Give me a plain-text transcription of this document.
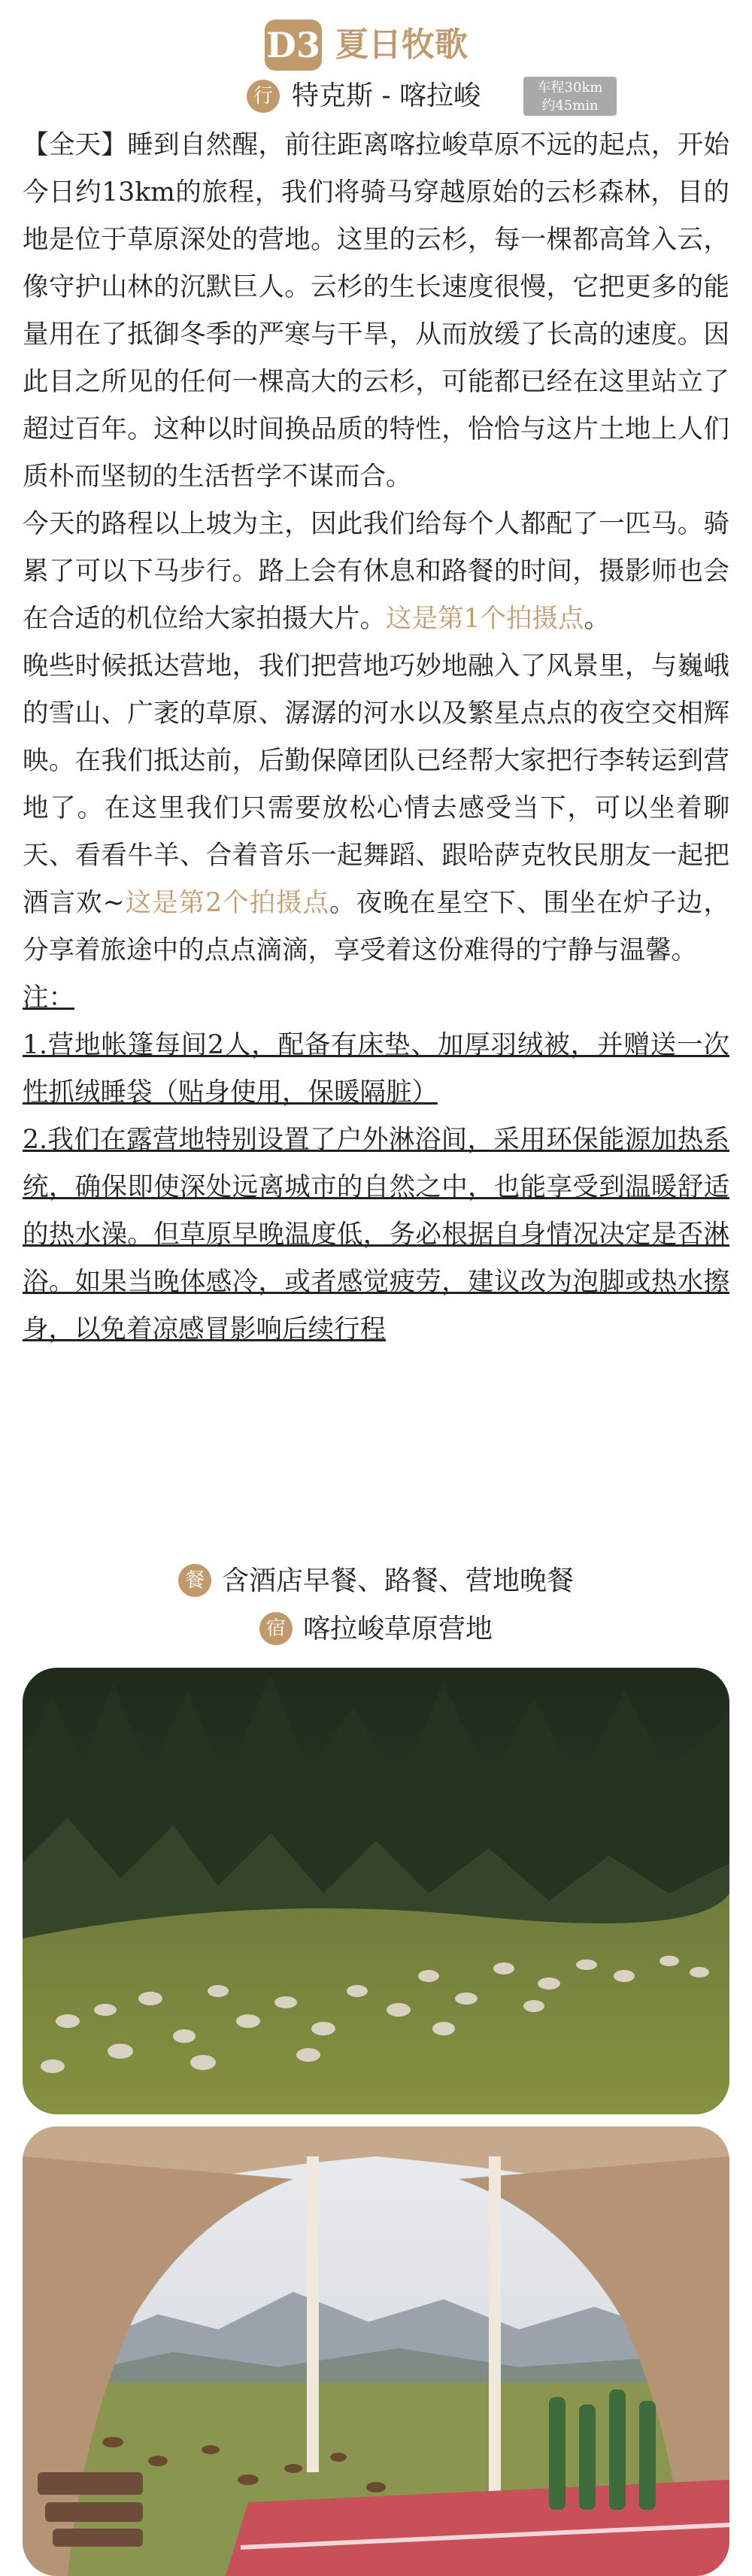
D3 夏日牧歌
行 特克斯 - 喀拉峻	车程30km
约45min

【全天】睡到自然醒，前往距离喀拉峻草原不远的起点，开始今日约13km的旅程，我们将骑马穿越原始的云杉森林，目的地是位于草原深处的营地。这里的云杉，每一棵都高耸入云，像守护山林的沉默巨人。云杉的生长速度很慢，它把更多的能量用在了抵御冬季的严寒与干旱，从而放缓了长高的速度。因此目之所见的任何一棵高大的云杉，可能都已经在这里站立了超过百年。这种以时间换品质的特性，恰恰与这片土地上人们质朴而坚韧的生活哲学不谋而合。

今天的路程以上坡为主，因此我们给每个人都配了一匹马。骑累了可以下马步行。路上会有休息和路餐的时间，摄影师也会在合适的机位给大家拍摄大片。这是第1个拍摄点。

晚些时候抵达营地，我们把营地巧妙地融入了风景里，与巍峨的雪山、广袤的草原、潺潺的河水以及繁星点点的夜空交相辉映。在我们抵达前，后勤保障团队已经帮大家把行李转运到营地了。在这里我们只需要放松心情去感受当下，可以坐着聊天、看看牛羊、合着音乐一起舞蹈、跟哈萨克牧民朋友一起把酒言欢~这是第2个拍摄点。夜晚在星空下、围坐在炉子边，分享着旅途中的点点滴滴，享受着这份难得的宁静与温馨。

注：

1.营地帐篷每间2人，配备有床垫、加厚羽绒被，并赠送一次性抓绒睡袋（贴身使用，保暖隔脏）

2.我们在露营地特别设置了户外淋浴间，采用环保能源加热系统，确保即使深处远离城市的自然之中，也能享受到温暖舒适的热水澡。但草原早晚温度低，务必根据自身情况决定是否淋浴。如果当晚体感冷，或者感觉疲劳，建议改为泡脚或热水擦身，以免着凉感冒影响后续行程

餐 含酒店早餐、路餐、营地晚餐
宿 喀拉峻草原营地
